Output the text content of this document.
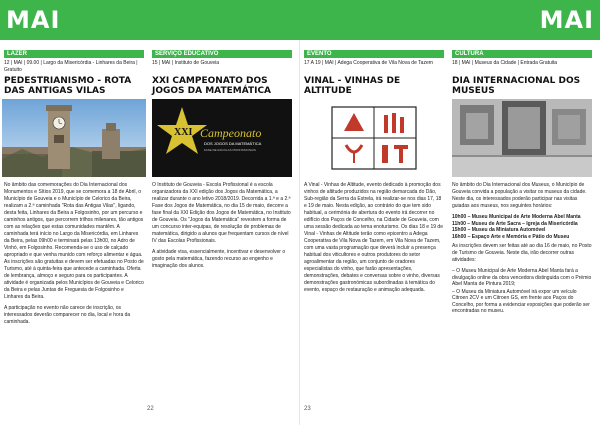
MAI
LAZER
12 | MAI | 09.00 | Largo da Misericórdia - Linhares da Beira | Gratuito
PEDESTRIANISMO - ROTA DAS ANTIGAS VILAS

No âmbito das comemorações do Dia Internacional dos Monumentos e Sítios 2019, que se comemora a 18 de Abril, o Município de Gouveia e o Município de Celorico da Beira, realizam a 2.ª caminhada "Rota das Antigas Vilas", ligando, desta feita, Linhares da Beira a Folgosinho, por um percurso e caminhos antigos, que percorrem trilhos milenares, tão antigos com as relações que estas comunidades mantêm. A caminhada terá início no Largo da Misericórdia, em Linhares da Beira, pelas 09h00 e terminará pelas 13h00, no Adro de Vinhó, em Folgosinho. Recomenda-se o uso de calçado apropriado e que venha munido com reforço alimentar e água. As inscrições são gratuitas e devem ser efetuadas no Posto de Turismo, até à quinta-feira que antecede a caminhada. Oferta de lembrança, almoço e seguro para os participantes. A atividade é organizada pelos Municípios de Gouveia e Celorico da Beira e pelas Juntas de Freguesia de Folgosinho e Linhares da Beira.

A participação no evento não carece de inscrição, os interessados deverão comparecer no dia, local e hora da caminhada.

SERVIÇO EDUCATIVO
15 | MAI | Instituto de Gouveia
XXI CAMPEONATO DOS JOGOS DA MATEMÁTICA
XXI Campeonato
DOS JOGOS DA MATEMÁTICA
FASE DE ESCOLAS PROFISSIONAIS

O Instituto de Gouveia - Escola Profissional é a escola organizadora da XXI edição dos Jogos da Matemática, a realizar durante o ano letivo 2018/2019. Decorrida a 1.ª e a 2.ª Fase dos Jogos de Matemática, no dia 15 de maio, decorre a fase final da XXI Edição dos Jogos de Matemática, no Instituto de Gouveia. Os "Jogos da Matemática" revestem a forma de um concurso inter-equipas, de resolução de problemas de matemática, dirigido a alunos que frequentam cursos de nível IV das Escolas Profissionais.

A atividade visa, essencialmente, incentivar e desenvolver o gosto pela matemática, fazendo recurso ao engenho e imaginação dos alunos.

22
MAI
EVENTO
17 A 19 | MAI | Adega Cooperativa de Vila Nova de Tazem
VINAL - VINHAS DE ALTITUDE

A Vinal - Vinhas de Altitude, evento dedicado à promoção dos vinhos de altitude produzidos na região demarcada do Dão, Sub-região da Serra da Estrela, irá realizar-se nos dias 17, 18 e 19 de maio. Nesta edição, ao contrário do que tem sido habitual, a cerimónia de abertura do evento irá decorrer no edifício dos Paços de Concelho, na Cidade de Gouveia, com uma sessão dedicada ao tema enoturismo. Os dias 18 e 19 de Vinal - Vinhas de Altitude terão como epicentro a Adega Cooperativa de Vila Nova de Tazem, em Vila Nova de Tazem, com uma vasta programação que deverá incluir a presença habitual dos viticultores e outros produtores do setor agroalimentar da região, um conjunto de oradores especialistas do vinho, que farão apresentações, demonstrações, debates e conversas sobre o vinho, diversas demonstrações gastronómicas subordinadas à temática do evento, espaço de restauração e animação adequada.

CULTURA
18 | MAI | Museus da Cidade | Entrada Gratuita
DIA INTERNACIONAL DOS MUSEUS

No âmbito do Dia Internacional dos Museus, o Município de Gouveia convida a população a visitar os museus da cidade. Neste dia, os interessados poderão participar nas visitas guiadas aos museus, nos seguintes horários:

10h00 – Museu Municipal de Arte Moderna Abel Manta
11h00 – Museu de Arte Sacra – Igreja da Misericórdia
15h00 – Museu da Miniatura Automóvel
16h00 – Espaço Arte e Memória e Pátio do Museu

As inscrições devem ser feitas até ao dia 16 de maio, no Posto de Turismo de Gouveia. Neste dia, irão decorrer outras atividades:

– O Museu Municipal de Arte Moderna Abel Manta fará a divulgação online da obra vencedora distinguida com o Prémio Abel Manta de Pintura 2019;
– O Museu da Miniatura Automóvel irá expor um veículo Citroen 2CV e um Citroen GS, em frente aos Paços do Concelho, por forma a evidenciar exposições que poderão ser encontradas no museu.
23
